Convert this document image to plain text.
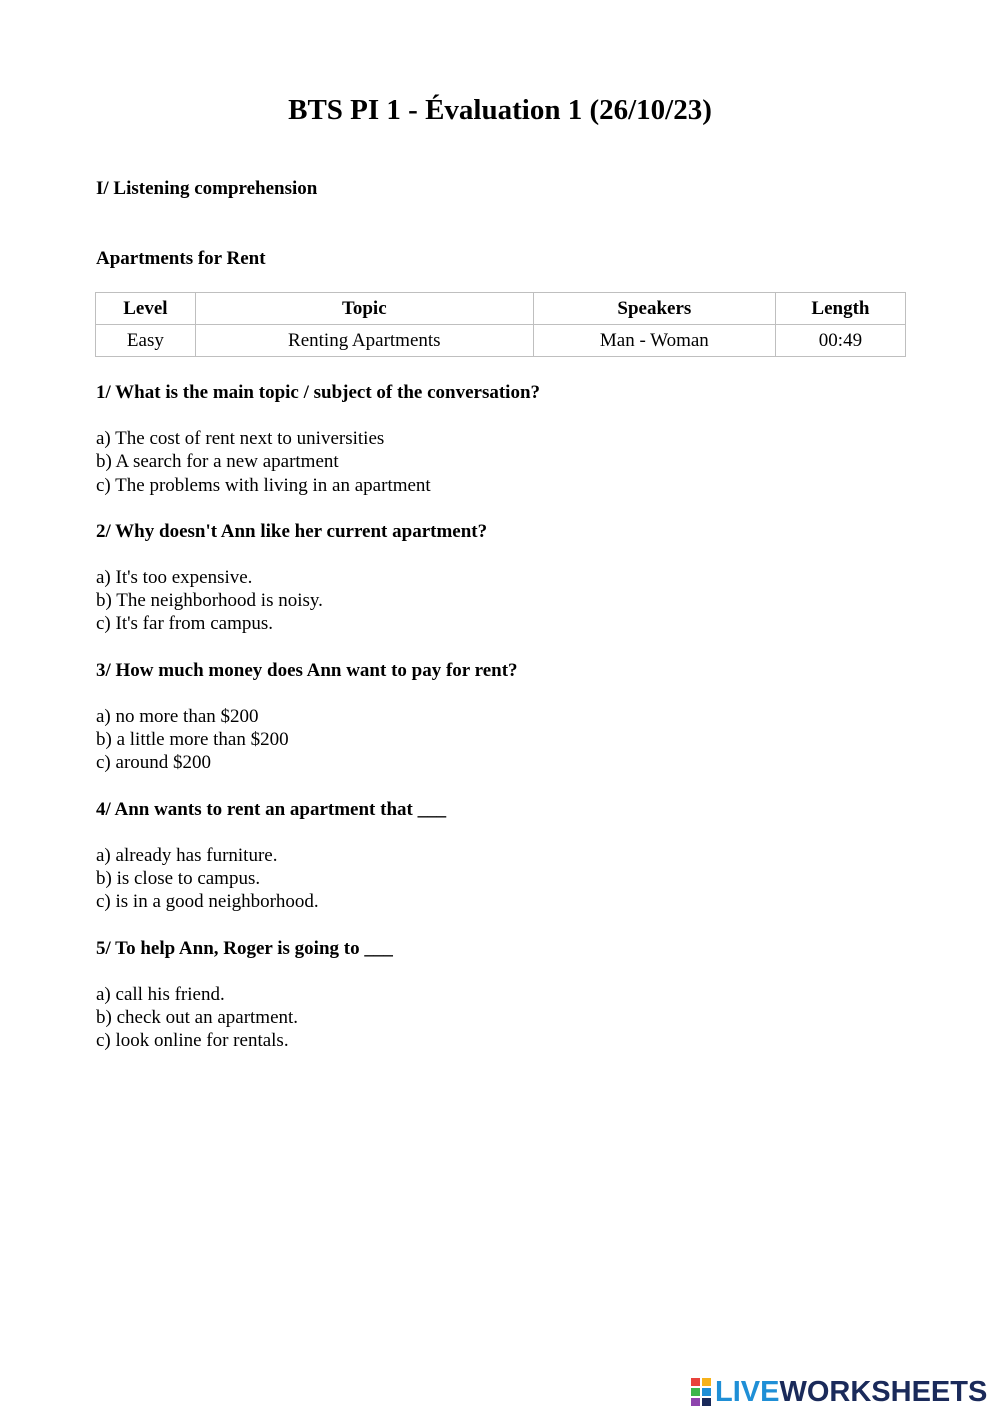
BTS PI 1 - Évaluation 1 (26/10/23)
I/ Listening comprehension
Apartments for Rent
Level	Topic	Speakers	Length
Easy	Renting Apartments	Man - Woman	00:49

1/ What is the main topic / subject of the conversation?

a) The cost of rent next to universities

b) A search for a new apartment

c) The problems with living in an apartment

2/ Why doesn't Ann like her current apartment?

a) It's too expensive.

b) The neighborhood is noisy.

c) It's far from campus.

3/ How much money does Ann want to pay for rent?

a) no more than $200

b) a little more than $200

c) around $200

4/ Ann wants to rent an apartment that ___

a) already has furniture.

b) is close to campus.

c) is in a good neighborhood.

5/ To help Ann, Roger is going to ___

a) call his friend.

b) check out an apartment.

c) look online for rentals.

LIVEWORKSHEETS
